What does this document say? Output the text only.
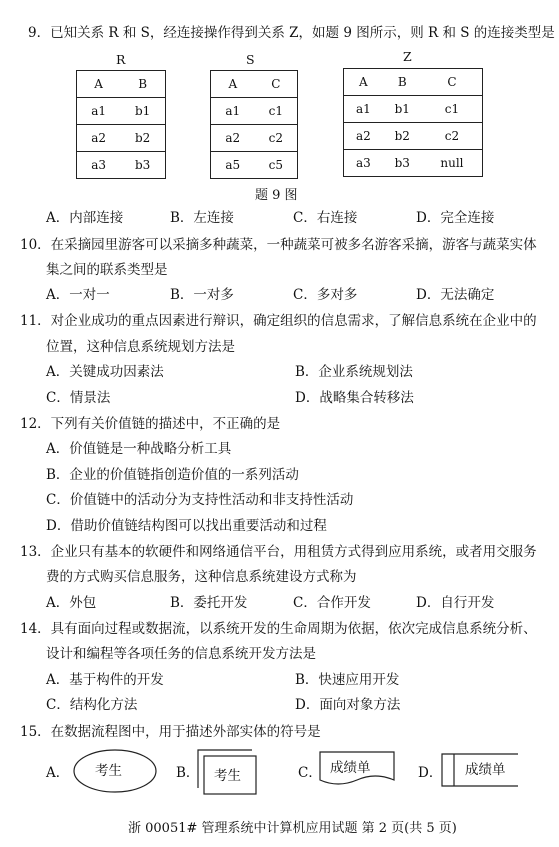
9．已知关系 R 和 S，经连接操作得到关系 Z，如题 9 图所示，则 R 和 S 的连接类型是
R
A	B
a1	b1
a2	b2
a3	b3
S
A	C
a1	c1
a2	c2
a5	c5
Z
A	B	C
a1	b1	c1
a2	b2	c2
a3	b3	null
题 9 图
A．内部连接	B．左连接	C．右连接	D．完全连接
10．在采摘园里游客可以采摘多种蔬菜，一种蔬菜可被多名游客采摘，游客与蔬菜实体
集之间的联系类型是
A．一对一	B．一对多	C．多对多	D．无法确定
11．对企业成功的重点因素进行辩识，确定组织的信息需求，了解信息系统在企业中的
位置，这种信息系统规划方法是
A．关键成功因素法	B．企业系统规划法
C．情景法	D．战略集合转移法
12．下列有关价值链的描述中，不正确的是
A．价值链是一种战略分析工具
B．企业的价值链指创造价值的一系列活动
C．价值链中的活动分为支持性活动和非支持性活动
D．借助价值链结构图可以找出重要活动和过程
13．企业只有基本的软硬件和网络通信平台，用租赁方式得到应用系统，或者用交服务
费的方式购买信息服务，这种信息系统建设方式称为
A．外包	B．委托开发	C．合作开发	D．自行开发
14．具有面向过程或数据流，以系统开发的生命周期为依据，依次完成信息系统分析、
设计和编程等各项任务的信息系统开发方法是
A．基于构件的开发	B．快速应用开发
C．结构化方法	D．面向对象方法
15．在数据流程图中，用于描述外部实体的符号是
A． 考生	B． 考生	C． 成绩单	D． 成绩单
浙 00051# 管理系统中计算机应用试题 第 2 页(共 5 页)
